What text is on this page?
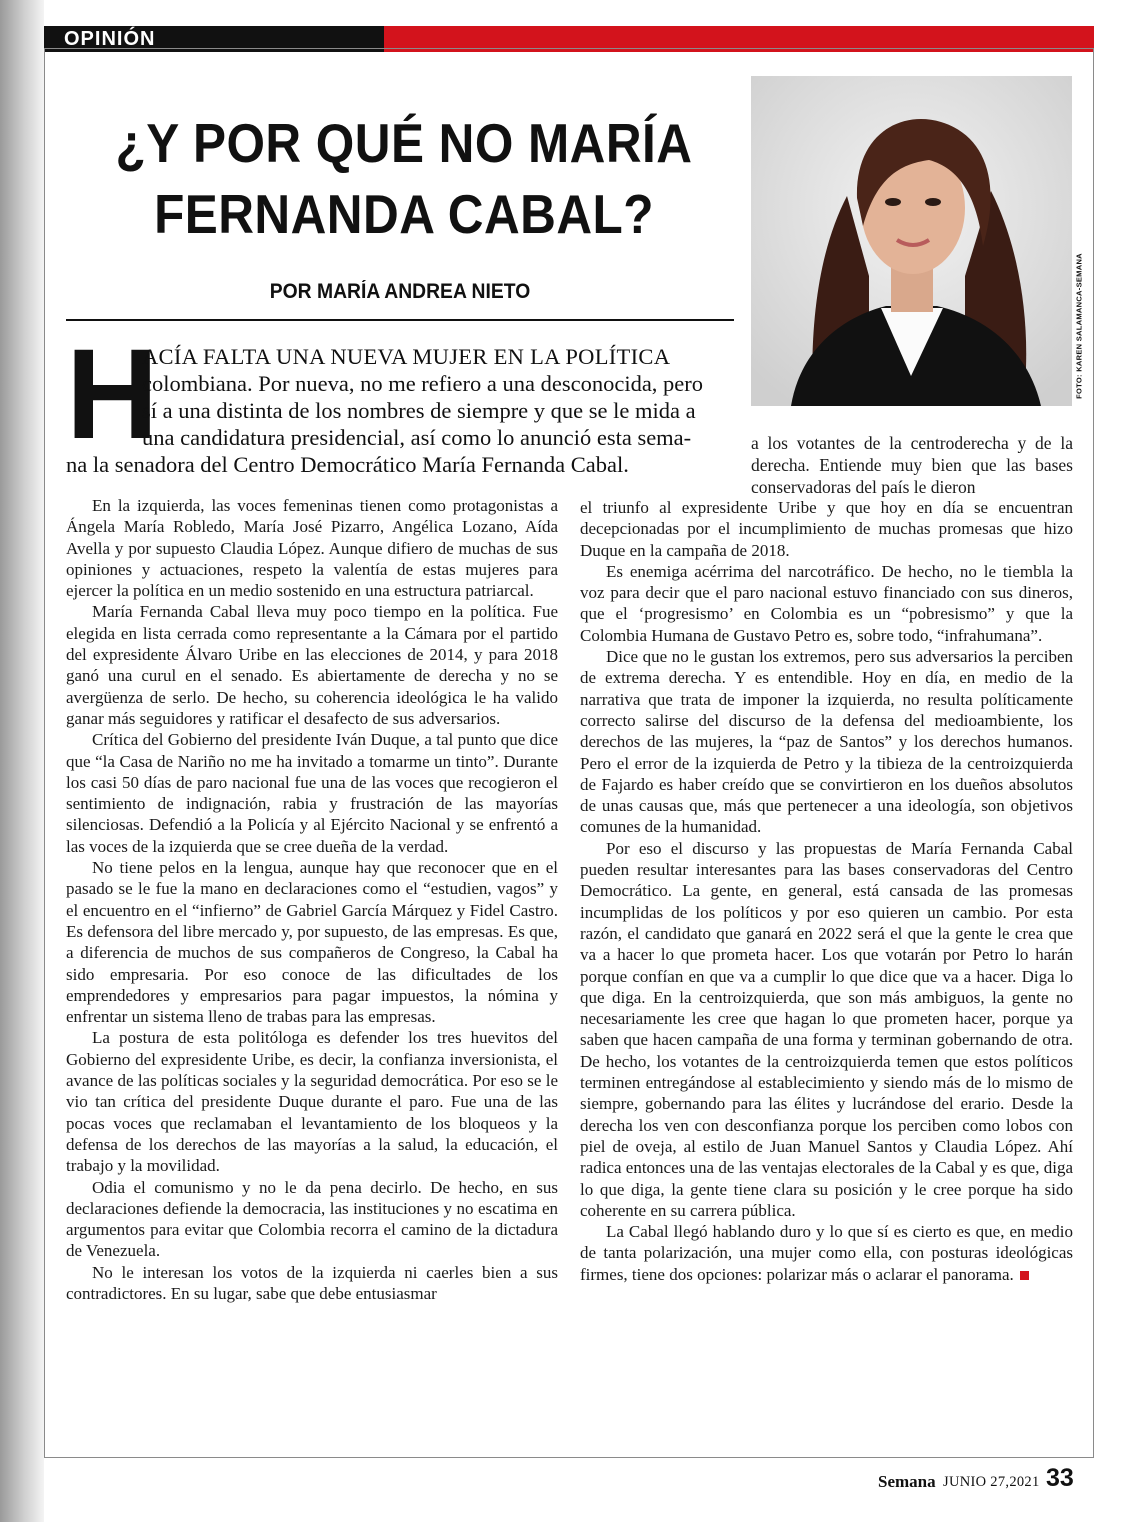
OPINIÓN
¿Y POR QUÉ NO MARÍA FERNANDA CABAL?
POR MARÍA ANDREA NIETO	FOTO: KAREN SALAMANCA-SEMANA
H
ACÍA FALTA UNA NUEVA MUJER EN LA POLÍTICA
colombiana. Por nueva, no me refiero a una desconocida, pero
sí a una distinta de los nombres de siempre y que se le mida a
una candidatura presidencial, así como lo anunció esta sema-
na la senadora del Centro Democrático María Fernanda Cabal.

a los votantes de la centroderecha y de la derecha. Entiende muy bien que las bases conservadoras del país le dieron

En la izquierda, las voces femeninas tienen como protagonistas a Ángela María Robledo, María José Pizarro, Angélica Lozano, Aída Avella y por supuesto Claudia López. Aunque difiero de muchas de sus opiniones y actuaciones, respeto la valentía de estas mujeres para ejercer la política en un medio sostenido en una estructura patriarcal.

María Fernanda Cabal lleva muy poco tiempo en la política. Fue elegida en lista cerrada como representante a la Cámara por el partido del expresidente Álvaro Uribe en las elecciones de 2014, y para 2018 ganó una curul en el senado. Es abiertamente de derecha y no se avergüenza de serlo. De hecho, su coherencia ideológica le ha valido ganar más seguidores y ratificar el desafecto de sus adversarios.

Crítica del Gobierno del presidente Iván Duque, a tal punto que dice que “la Casa de Nariño no me ha invitado a tomarme un tinto”. Durante los casi 50 días de paro nacional fue una de las voces que recogieron el sentimiento de indignación, rabia y frustración de las mayorías silenciosas. Defendió a la Policía y al Ejército Nacional y se enfrentó a las voces de la izquierda que se cree dueña de la verdad.

No tiene pelos en la lengua, aunque hay que reconocer que en el pasado se le fue la mano en declaraciones como el “estudien, vagos” y el encuentro en el “infierno” de Gabriel García Márquez y Fidel Castro. Es defensora del libre mercado y, por supuesto, de las empresas. Es que, a diferencia de muchos de sus compañeros de Congreso, la Cabal ha sido empresaria. Por eso conoce de las dificultades de los emprendedores y empresarios para pagar impuestos, la nómina y enfrentar un sistema lleno de trabas para las empresas.

La postura de esta politóloga es defender los tres huevitos del Gobierno del expresidente Uribe, es decir, la confianza inversionista, el avance de las políticas sociales y la seguridad democrática. Por eso se le vio tan crítica del presidente Duque durante el paro. Fue una de las pocas voces que reclamaban el levantamiento de los bloqueos y la defensa de los derechos de las mayorías a la salud, la educación, el trabajo y la movilidad.

Odia el comunismo y no le da pena decirlo. De hecho, en sus declaraciones defiende la democracia, las instituciones y no escatima en argumentos para evitar que Colombia recorra el camino de la dictadura de Venezuela.

No le interesan los votos de la izquierda ni caerles bien a sus contradictores. En su lugar, sabe que debe entusiasmar

el triunfo al expresidente Uribe y que hoy en día se encuentran decepcionadas por el incumplimiento de muchas promesas que hizo Duque en la campaña de 2018.

Es enemiga acérrima del narcotráfico. De hecho, no le tiembla la voz para decir que el paro nacional estuvo financiado con sus dineros, que el ‘progresismo’ en Colombia es un “pobresismo” y que la Colombia Humana de Gustavo Petro es, sobre todo, “infrahumana”.

Dice que no le gustan los extremos, pero sus adversarios la perciben de extrema derecha. Y es entendible. Hoy en día, en medio de la narrativa que trata de imponer la izquierda, no resulta políticamente correcto salirse del discurso de la defensa del medioambiente, los derechos de las mujeres, la “paz de Santos” y los derechos humanos. Pero el error de la izquierda de Petro y la tibieza de la centroizquierda de Fajardo es haber creído que se convirtieron en los dueños absolutos de unas causas que, más que pertenecer a una ideología, son objetivos comunes de la humanidad.

Por eso el discurso y las propuestas de María Fernanda Cabal pueden resultar interesantes para las bases conservadoras del Centro Democrático. La gente, en general, está cansada de las promesas incumplidas de los políticos y por eso quieren un cambio. Por esta razón, el candidato que ganará en 2022 será el que la gente le crea que va a hacer lo que prometa hacer. Los que votarán por Petro lo harán porque confían en que va a cumplir lo que dice que va a hacer. Diga lo que diga. En la centroizquierda, que son más ambiguos, la gente no necesariamente les cree que hagan lo que prometen hacer, porque ya saben que hacen campaña de una forma y terminan gobernando de otra. De hecho, los votantes de la centroizquierda temen que estos políticos terminen entregándose al establecimiento y siendo más de lo mismo de siempre, gobernando para las élites y lucrándose del erario. Desde la derecha los ven con desconfianza porque los perciben como lobos con piel de oveja, al estilo de Juan Manuel Santos y Claudia López. Ahí radica entonces una de las ventajas electorales de la Cabal y es que, diga lo que diga, la gente tiene clara su posición y le cree porque ha sido coherente en su carrera pública.

La Cabal llegó hablando duro y lo que sí es cierto es que, en medio de tanta polarización, una mujer como ella, con posturas ideológicas firmes, tiene dos opciones: polarizar más o aclarar el panorama.

Semana JUNIO 27,2021 33
